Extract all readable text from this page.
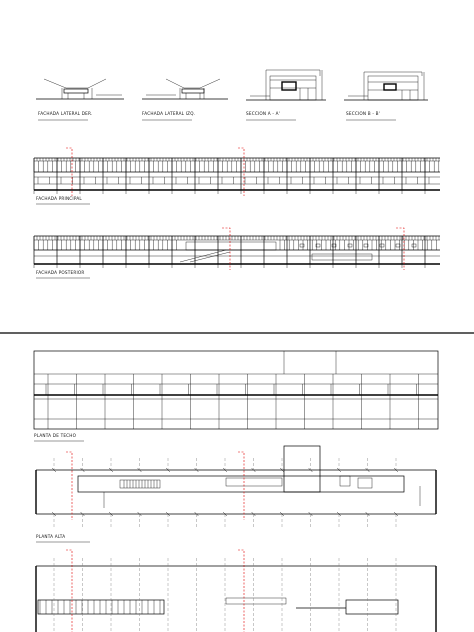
FACHADA LATERAL DER.	FACHADA LATERAL IZQ.	SECCION A - A'	SECCION B - B'
FACHADA PRINCIPAL
FACHADA POSTERIOR
PLANTA DE TECHO
PLANTA ALTA
